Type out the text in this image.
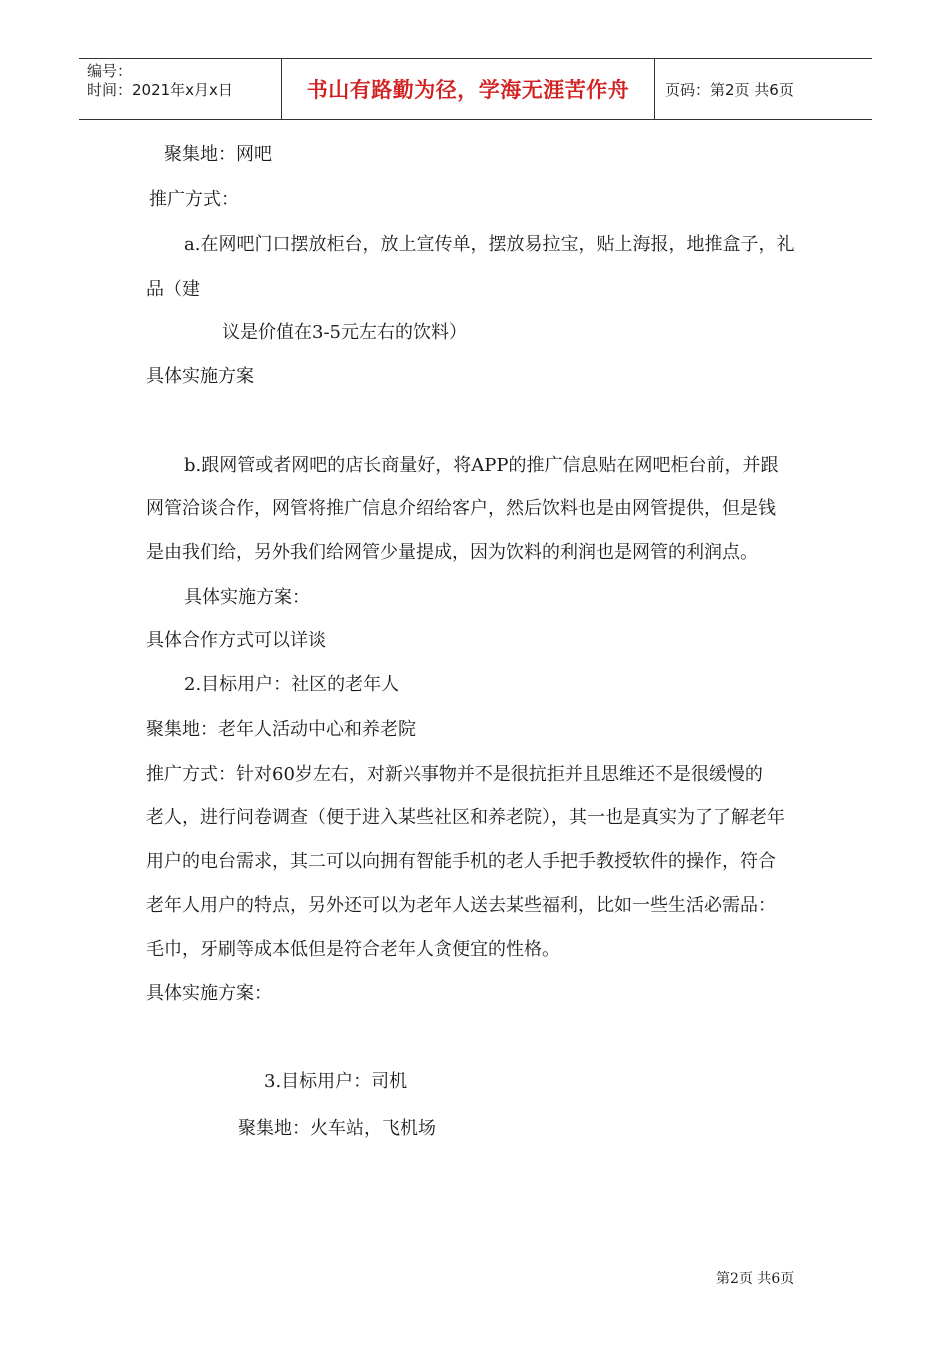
编号：
时间：2021年x月x日	书山有路勤为径，学海无涯苦作舟	页码：第2页 共6页
聚集地：网吧
推广方式：
a.在网吧门口摆放柜台，放上宣传单，摆放易拉宝，贴上海报，地推盒子，礼
品（建
议是价值在3-5元左右的饮料）
具体实施方案
b.跟网管或者网吧的店长商量好，将APP的推广信息贴在网吧柜台前，并跟
网管洽谈合作，网管将推广信息介绍给客户，然后饮料也是由网管提供，但是钱
是由我们给，另外我们给网管少量提成，因为饮料的利润也是网管的利润点。
具体实施方案：
具体合作方式可以详谈
2.目标用户：社区的老年人
聚集地：老年人活动中心和养老院
推广方式：针对60岁左右，对新兴事物并不是很抗拒并且思维还不是很缓慢的
老人，进行问卷调查（便于进入某些社区和养老院），其一也是真实为了了解老年
用户的电台需求，其二可以向拥有智能手机的老人手把手教授软件的操作，符合
老年人用户的特点，另外还可以为老年人送去某些福利，比如一些生活必需品：
毛巾，牙刷等成本低但是符合老年人贪便宜的性格。
具体实施方案：
3.目标用户：司机
聚集地：火车站，飞机场
第2页 共6页
